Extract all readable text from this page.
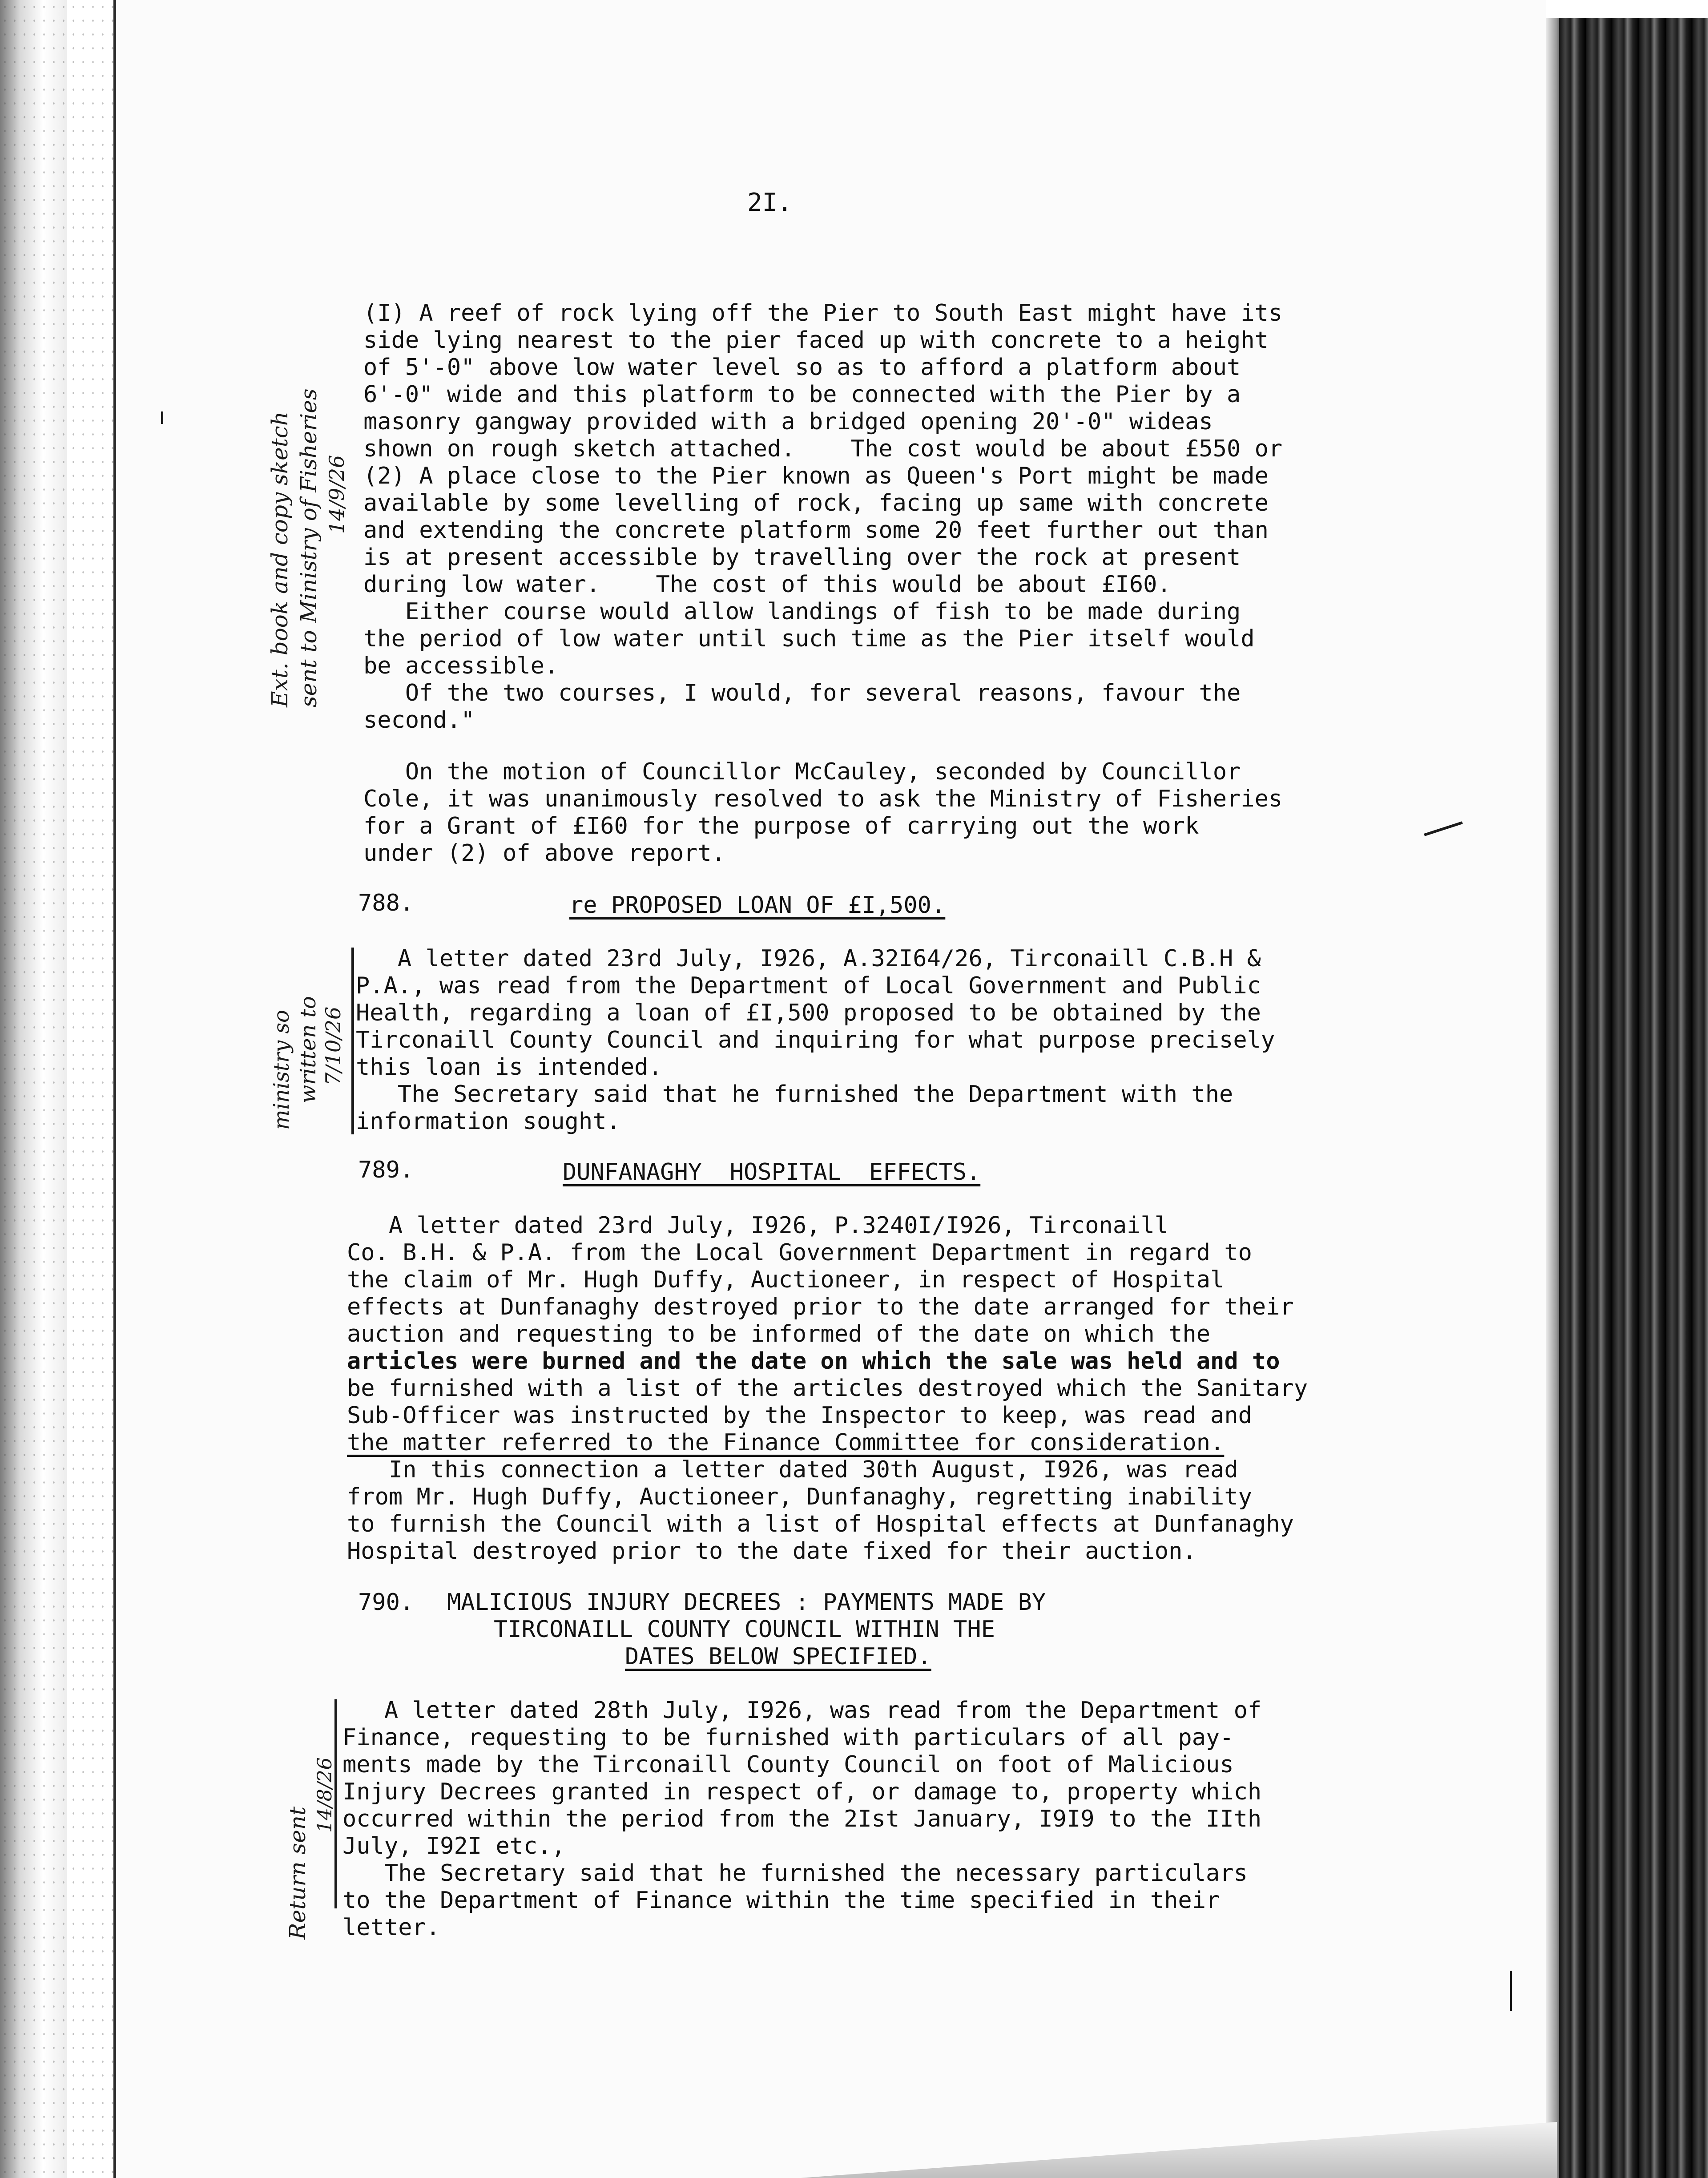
2I.

(I) A reef of rock lying off the Pier to South East might have its

side lying nearest to the pier faced up with concrete to a height

of 5'-0" above low water level so as to afford a platform about

6'-0" wide and this platform to be connected with the Pier by a

masonry gangway provided with a bridged opening 20'-0" wideas

shown on rough sketch attached.    The cost would be about £550 or

(2) A place close to the Pier known as Queen's Port might be made

available by some levelling of rock, facing up same with concrete

and extending the concrete platform some 20 feet further out than

is at present accessible by travelling over the rock at present

during low water.    The cost of this would be about £I60.

Either course would allow landings of fish to be made during

the period of low water until such time as the Pier itself would

be accessible.

Of the two courses, I would, for several reasons, favour the

second."

On the motion of Councillor McCauley, seconded by Councillor

Cole, it was unanimously resolved to ask the Ministry of Fisheries

for a Grant of £I60 for the purpose of carrying out the work

under (2) of above report.

788.	re PROPOSED LOAN OF £I,500.

A letter dated 23rd July, I926, A.32I64/26, Tirconaill C.B.H &

P.A., was read from the Department of Local Government and Public

Health, regarding a loan of £I,500 proposed to be obtained by the

Tirconaill County Council and inquiring for what purpose precisely

this loan is intended.

The Secretary said that he furnished the Department with the

information sought.

789.	DUNFANAGHY  HOSPITAL  EFFECTS.

A letter dated 23rd July, I926, P.3240I/I926, Tirconaill

Co. B.H. & P.A. from the Local Government Department in regard to

the claim of Mr. Hugh Duffy, Auctioneer, in respect of Hospital

effects at Dunfanaghy destroyed prior to the date arranged for their

auction and requesting to be informed of the date on which the

articles were burned and the date on which the sale was held and to

be furnished with a list of the articles destroyed which the Sanitary

Sub-Officer was instructed by the Inspector to keep, was read and

the matter referred to the Finance Committee for consideration.

In this connection a letter dated 30th August, I926, was read

from Mr. Hugh Duffy, Auctioneer, Dunfanaghy, regretting inability

to furnish the Council with a list of Hospital effects at Dunfanaghy

Hospital destroyed prior to the date fixed for their auction.

790. MALICIOUS INJURY DECREES : PAYMENTS MADE BY

TIRCONAILL COUNTY COUNCIL WITHIN THE

DATES BELOW SPECIFIED.

A letter dated 28th July, I926, was read from the Department of

Finance, requesting to be furnished with particulars of all pay-

ments made by the Tirconaill County Council on foot of Malicious

Injury Decrees granted in respect of, or damage to, property which

occurred within the period from the 2Ist January, I9I9 to the IIth

July, I92I etc.,

The Secretary said that he furnished the necessary particulars

to the Department of Finance within the time specified in their

letter.

Ext. book and copy sketch sent to Ministry of Fisheries 14/9/26
ministry so written to 7/10/26
Return sent
14/8/26
